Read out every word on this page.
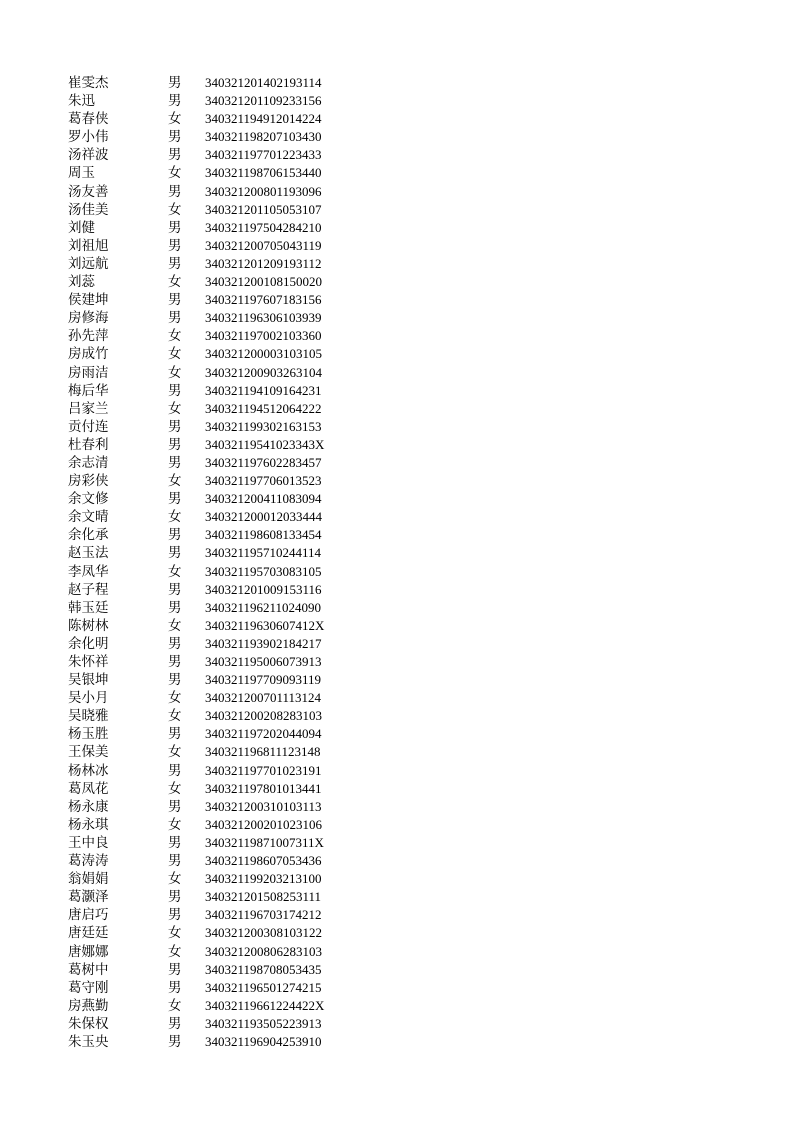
崔雯杰	男 340321201402193114
朱迅	男 340321201109233156
葛春侠	女 340321194912014224
罗小伟	男 340321198207103430
汤祥波	男 340321197701223433
周玉	女 340321198706153440
汤友善	男 340321200801193096
汤佳美	女 340321201105053107
刘健	男 340321197504284210
刘祖旭	男 340321200705043119
刘远航	男 340321201209193112
刘蕊	女 340321200108150020
侯建坤	男 340321197607183156
房修海	男 340321196306103939
孙先萍	女 340321197002103360
房成竹	女 340321200003103105
房雨洁	女 340321200903263104
梅后华	男 340321194109164231
吕家兰	女 340321194512064222
贡付连	男 340321199302163153
杜春利	男 34032119541023343X
余志清	男 340321197602283457
房彩侠	女 340321197706013523
余文修	男 340321200411083094
余文晴	女 340321200012033444
余化承	男 340321198608133454
赵玉法	男 340321195710244114
李凤华	女 340321195703083105
赵子程	男 340321201009153116
韩玉廷	男 340321196211024090
陈树林	女 34032119630607412X
余化明	男 340321193902184217
朱怀祥	男 340321195006073913
吴银坤	男 340321197709093119
吴小月	女 340321200701113124
吴晓雅	女 340321200208283103
杨玉胜	男 340321197202044094
王保美	女 340321196811123148
杨林冰	男 340321197701023191
葛凤花	女 340321197801013441
杨永康	男 340321200310103113
杨永琪	女 340321200201023106
王中良	男 34032119871007311X
葛涛涛	男 340321198607053436
翁娟娟	女 340321199203213100
葛灏泽	男 340321201508253111
唐启巧	男 340321196703174212
唐廷廷	女 340321200308103122
唐娜娜	女 340321200806283103
葛树中	男 340321198708053435
葛守刚	男 340321196501274215
房燕勤	女 34032119661224422X
朱保权	男 340321193505223913
朱玉央	男 340321196904253910
